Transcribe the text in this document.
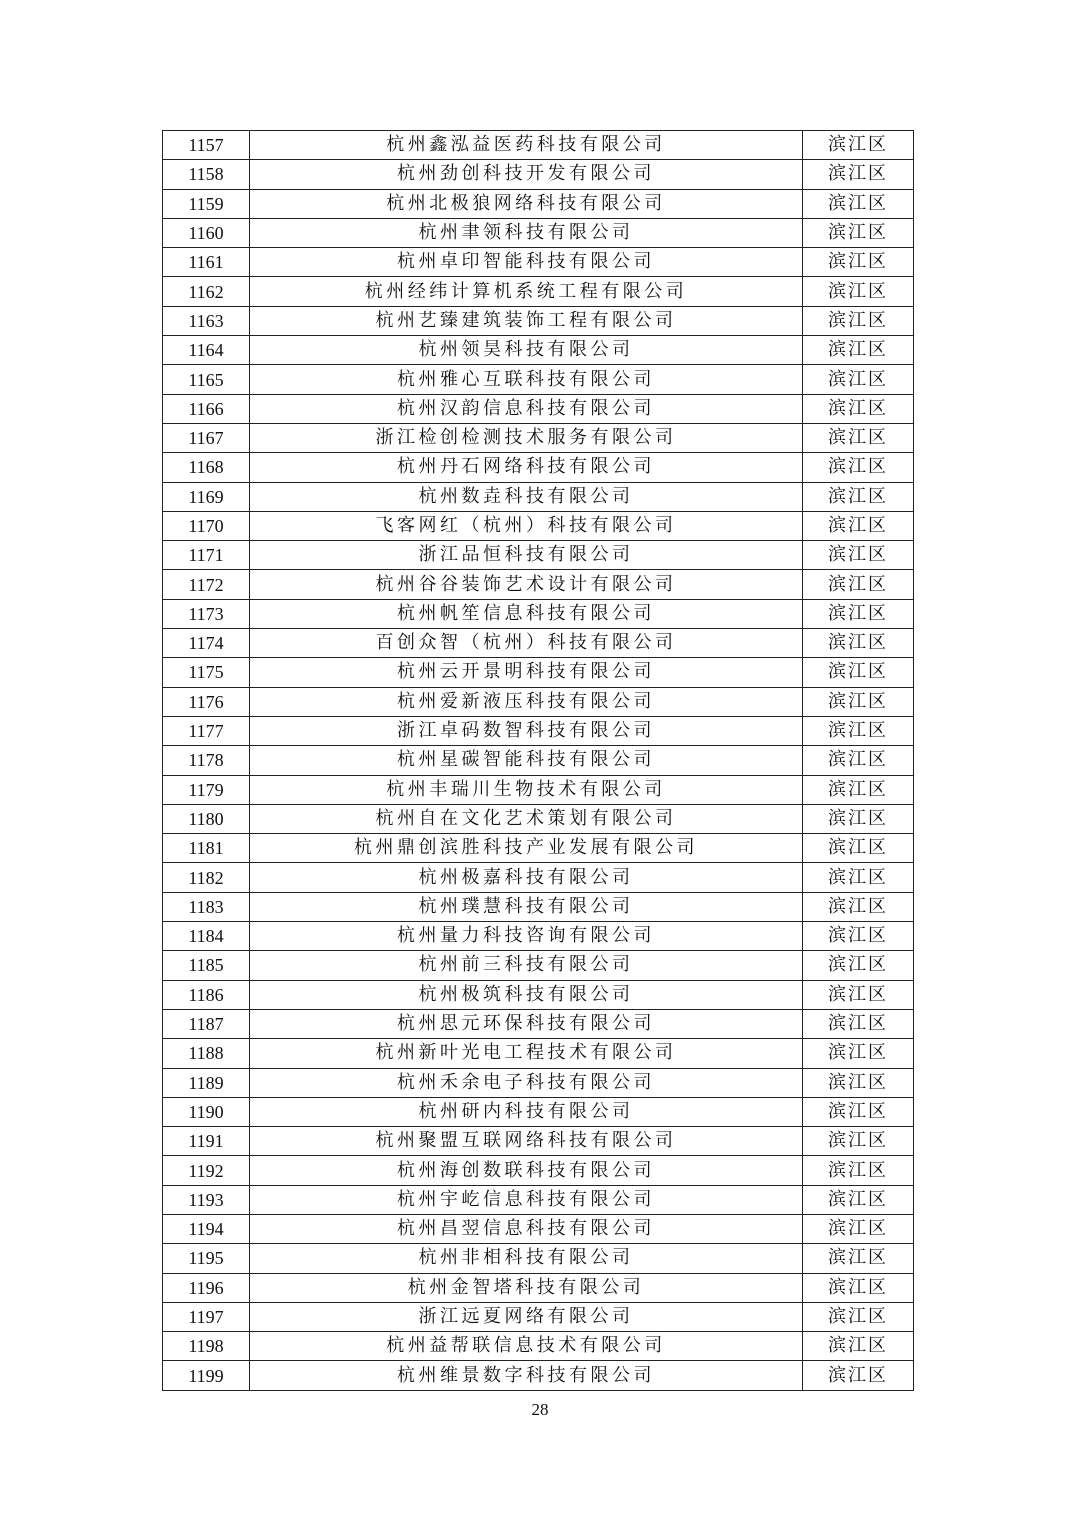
1157	杭州鑫泓益医药科技有限公司	滨江区
1158	杭州劲创科技开发有限公司	滨江区
1159	杭州北极狼网络科技有限公司	滨江区
1160	杭州聿领科技有限公司	滨江区
1161	杭州卓印智能科技有限公司	滨江区
1162	杭州经纬计算机系统工程有限公司	滨江区
1163	杭州艺臻建筑装饰工程有限公司	滨江区
1164	杭州领昊科技有限公司	滨江区
1165	杭州雅心互联科技有限公司	滨江区
1166	杭州汉韵信息科技有限公司	滨江区
1167	浙江检创检测技术服务有限公司	滨江区
1168	杭州丹石网络科技有限公司	滨江区
1169	杭州数垚科技有限公司	滨江区
1170	飞客网红（杭州）科技有限公司	滨江区
1171	浙江品恒科技有限公司	滨江区
1172	杭州谷谷装饰艺术设计有限公司	滨江区
1173	杭州帆笙信息科技有限公司	滨江区
1174	百创众智（杭州）科技有限公司	滨江区
1175	杭州云开景明科技有限公司	滨江区
1176	杭州爱新液压科技有限公司	滨江区
1177	浙江卓码数智科技有限公司	滨江区
1178	杭州星碳智能科技有限公司	滨江区
1179	杭州丰瑞川生物技术有限公司	滨江区
1180	杭州自在文化艺术策划有限公司	滨江区
1181	杭州鼎创滨胜科技产业发展有限公司	滨江区
1182	杭州极嘉科技有限公司	滨江区
1183	杭州璞慧科技有限公司	滨江区
1184	杭州量力科技咨询有限公司	滨江区
1185	杭州前三科技有限公司	滨江区
1186	杭州极筑科技有限公司	滨江区
1187	杭州思元环保科技有限公司	滨江区
1188	杭州新叶光电工程技术有限公司	滨江区
1189	杭州禾余电子科技有限公司	滨江区
1190	杭州研内科技有限公司	滨江区
1191	杭州聚盟互联网络科技有限公司	滨江区
1192	杭州海创数联科技有限公司	滨江区
1193	杭州宇屹信息科技有限公司	滨江区
1194	杭州昌翌信息科技有限公司	滨江区
1195	杭州非相科技有限公司	滨江区
1196	杭州金智塔科技有限公司	滨江区
1197	浙江远夏网络有限公司	滨江区
1198	杭州益帮联信息技术有限公司	滨江区
1199	杭州维景数字科技有限公司	滨江区
28
